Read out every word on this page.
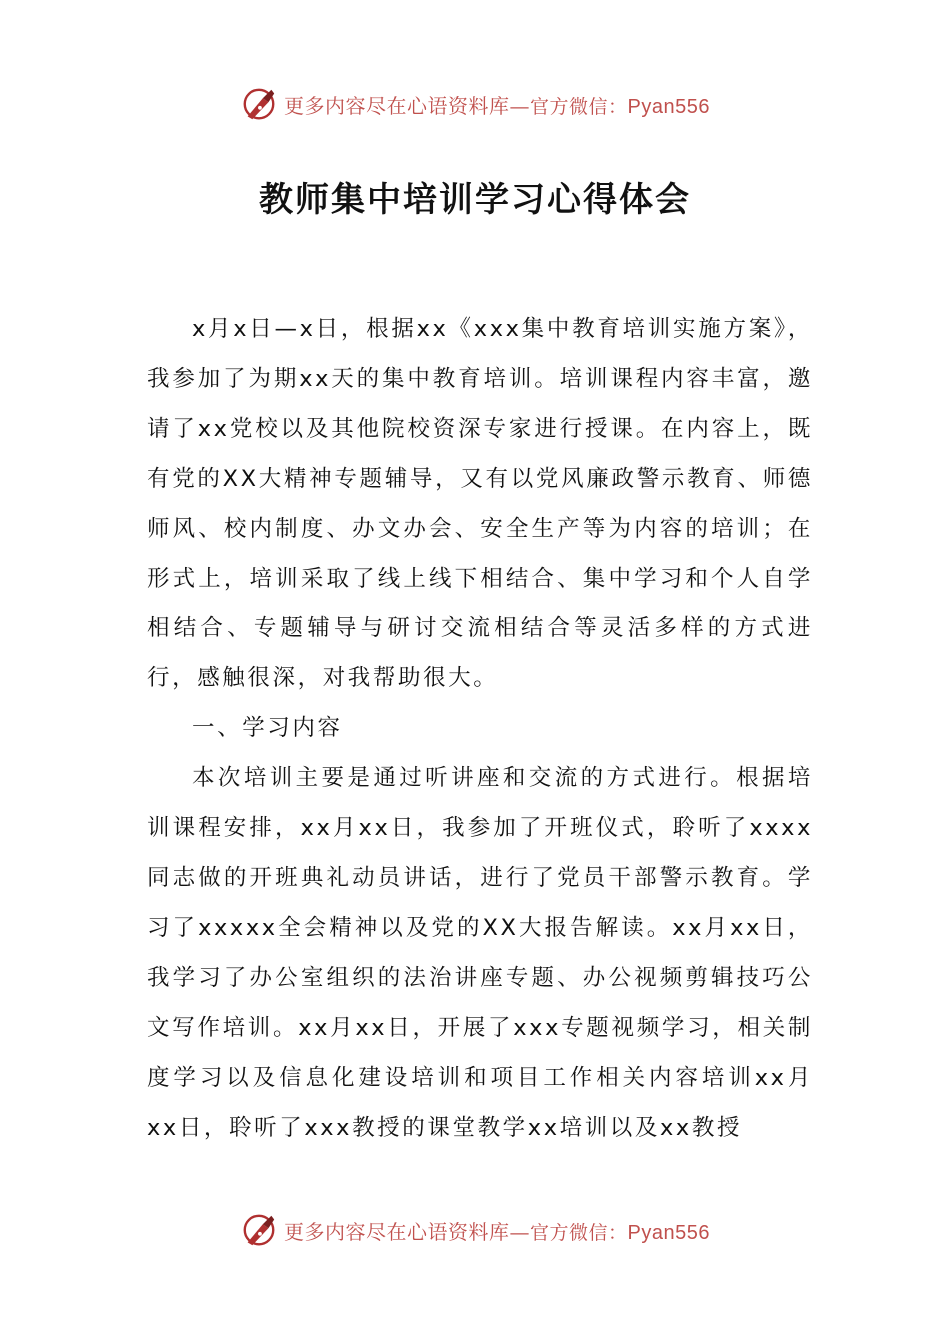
更多内容尽在心语资料库—官方微信：Pyan556
教师集中培训学习心得体会

x月x日—x日，根据xx《xxx集中教育培训实施方案》，我参加了为期xx天的集中教育培训。培训课程内容丰富，邀请了xx党校以及其他院校资深专家进行授课。在内容上，既有党的XX大精神专题辅导，又有以党风廉政警示教育、师德师风、校内制度、办文办会、安全生产等为内容的培训；在形式上，培训采取了线上线下相结合、集中学习和个人自学相结合、专题辅导与研讨交流相结合等灵活多样的方式进行，感触很深，对我帮助很大。

一、学习内容

本次培训主要是通过听讲座和交流的方式进行。根据培训课程安排，xx月xx日，我参加了开班仪式，聆听了xxxx同志做的开班典礼动员讲话，进行了党员干部警示教育。学习了xxxxx全会精神以及党的XX大报告解读。xx月xx日，我学习了办公室组织的法治讲座专题、办公视频剪辑技巧公文写作培训。xx月xx日，开展了xxx专题视频学习，相关制度学习以及信息化建设培训和项目工作相关内容培训xx月xx日，聆听了xxx教授的课堂教学xx培训以及xx教授

更多内容尽在心语资料库—官方微信：Pyan556
